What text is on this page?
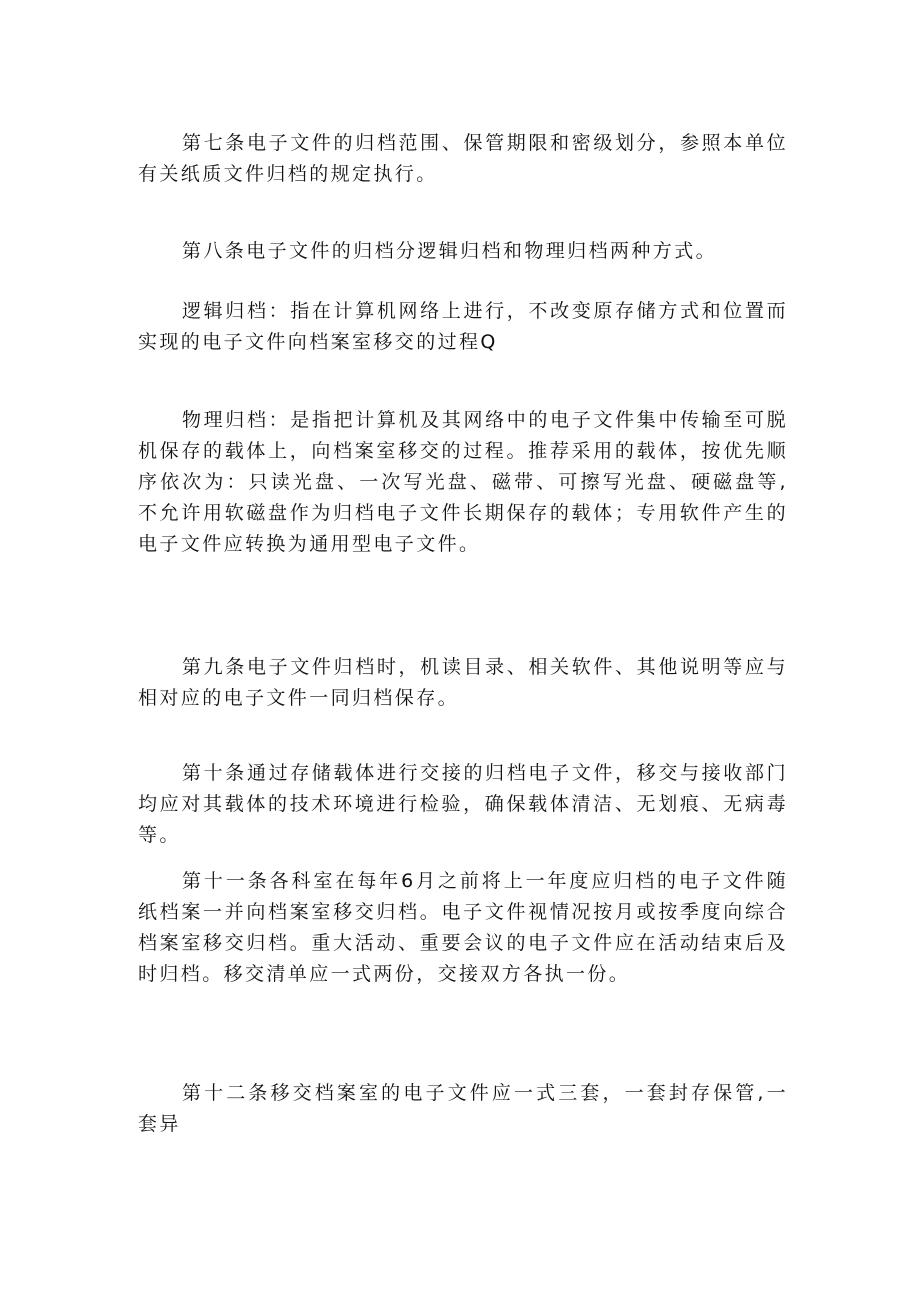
第七条电子文件的归档范围、保管期限和密级划分，参照本单位有关纸质文件归档的规定执行。

第八条电子文件的归档分逻辑归档和物理归档两种方式。

逻辑归档：指在计算机网络上进行，不改变原存储方式和位置而实现的电子文件向档案室移交的过程Q

物理归档：是指把计算机及其网络中的电子文件集中传输至可脱机保存的载体上，向档案室移交的过程。推荐采用的载体，按优先顺序依次为：只读光盘、一次写光盘、磁带、可擦写光盘、硬磁盘等,不允许用软磁盘作为归档电子文件长期保存的载体；专用软件产生的电子文件应转换为通用型电子文件。

第九条电子文件归档时，机读目录、相关软件、其他说明等应与相对应的电子文件一同归档保存。

第十条通过存储载体进行交接的归档电子文件，移交与接收部门均应对其载体的技术环境进行检验，确保载体清洁、无划痕、无病毒等。

第十一条各科室在每年6月之前将上一年度应归档的电子文件随纸档案一并向档案室移交归档。电子文件视情况按月或按季度向综合档案室移交归档。重大活动、重要会议的电子文件应在活动结束后及时归档。移交清单应一式两份，交接双方各执一份。

第十二条移交档案室的电子文件应一式三套，一套封存保管,一套异
